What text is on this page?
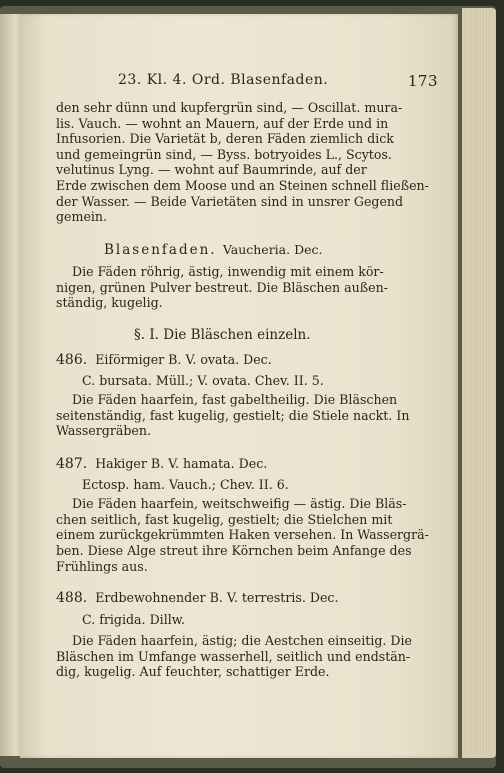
23. Kl. 4. Ord. Blasenfaden.	173
den sehr dünn und kupfergrün sind, — Oscillat. mura-
lis. Vauch. — wohnt an Mauern, auf der Erde und in
Infusorien. Die Varietät b, deren Fäden ziemlich dick
und gemeingrün sind, — Byss. botryoides L., Scytos.
velutinus Lyng. — wohnt auf Baumrinde, auf der
Erde zwischen dem Moose und an Steinen schnell fließen-
der Wasser. — Beide Varietäten sind in unsrer Gegend
gemein.
Blasenfaden. Vaucheria. Dec.
Die Fäden röhrig, ästig, inwendig mit einem kör-
nigen, grünen Pulver bestreut. Die Bläschen außen-
ständig, kugelig.
§. I. Die Bläschen einzeln.
486. Eiförmiger B. V. ovata. Dec.
C. bursata. Müll.; V. ovata. Chev. II. 5.
Die Fäden haarfein, fast gabeltheilig. Die Bläschen
seitenständig, fast kugelig, gestielt; die Stiele nackt. In
Wassergräben.
487. Hakiger B. V. hamata. Dec.
Ectosp. ham. Vauch.; Chev. II. 6.
Die Fäden haarfein, weitschweifig — ästig. Die Bläs-
chen seitlich, fast kugelig, gestielt; die Stielchen mit
einem zurückgekrümmten Haken versehen. In Wassergrä-
ben. Diese Alge streut ihre Körnchen beim Anfange des
Frühlings aus.
488. Erdbewohnender B. V. terrestris. Dec.
C. frigida. Dillw.
Die Fäden haarfein, ästig; die Aestchen einseitig. Die
Bläschen im Umfange wasserhell, seitlich und endstän-
dig, kugelig. Auf feuchter, schattiger Erde.
